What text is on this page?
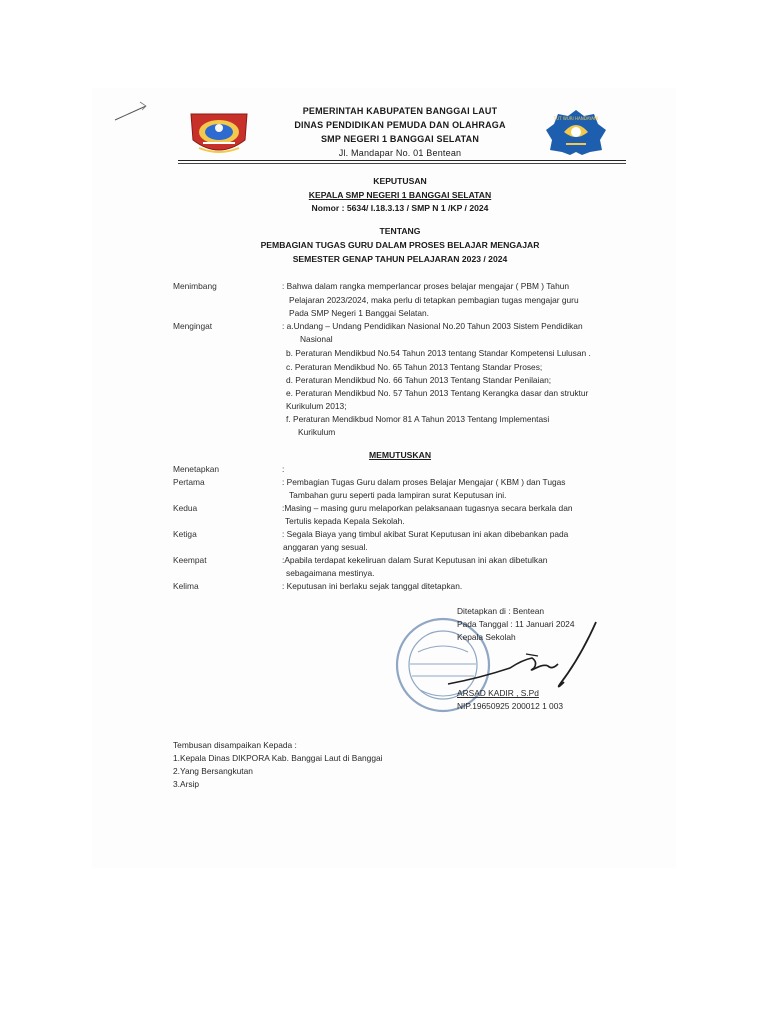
TUT WURI HANDAYANI
PEMERINTAH KABUPATEN BANGGAI LAUT
DINAS PENDIDIKAN PEMUDA DAN OLAHRAGA
SMP NEGERI 1 BANGGAI SELATAN
Jl. Mandapar No. 01 Bentean
KEPUTUSAN
KEPALA SMP NEGERI 1 BANGGAI SELATAN
Nomor : 5634/ I.18.3.13 / SMP N 1 /KP / 2024
TENTANG
PEMBAGIAN TUGAS GURU DALAM PROSES BELAJAR MENGAJAR
SEMESTER GENAP TAHUN PELAJARAN 2023 / 2024
Menimbang	: Bahwa dalam rangka memperlancar proses belajar mengajar ( PBM ) Tahun
Pelajaran 2023/2024, maka perlu di tetapkan pembagian tugas mengajar guru
Pada SMP Negeri 1 Banggai Selatan.
Mengingat	: a.Undang – Undang Pendidikan Nasional No.20 Tahun 2003 Sistem Pendidikan
Nasional
b. Peraturan Mendikbud No.54 Tahun 2013 tentang Standar Kompetensi Lulusan .
c. Peraturan Mendikbud No. 65 Tahun 2013 Tentang Standar Proses;
d. Peraturan Mendikbud No. 66 Tahun 2013 Tentang Standar Penilaian;
e. Peraturan Mendikbud No. 57 Tahun 2013 Tentang Kerangka dasar dan struktur
Kurikulum 2013;
f. Peraturan Mendikbud Nomor 81 A Tahun 2013 Tentang Implementasi
Kurikulum
MEMUTUSKAN
Menetapkan	:
Pertama	: Pembagian Tugas Guru dalam proses Belajar Mengajar ( KBM ) dan Tugas
Tambahan guru seperti pada lampiran surat Keputusan ini.
Kedua	:Masing – masing guru melaporkan pelaksanaan tugasnya secara berkala dan
Tertulis kepada Kepala Sekolah.
Ketiga	: Segala Biaya yang timbul akibat Surat Keputusan ini akan dibebankan pada
anggaran yang sesual.
Keempat	:Apabila terdapat kekeliruan dalam Surat Keputusan ini akan dibetulkan
sebagaimana mestinya.
Kelima	: Keputusan ini berlaku sejak tanggal ditetapkan.
Ditetapkan di : Bentean
Pada Tanggal : 11 Januari 2024
Kepala Sekolah
ARSAD KADIR , S.Pd
NIP.19650925 200012 1 003
Tembusan disampaikan Kepada :
1.Kepala Dinas DIKPORA Kab. Banggai Laut di Banggai
2.Yang Bersangkutan
3.Arsip
